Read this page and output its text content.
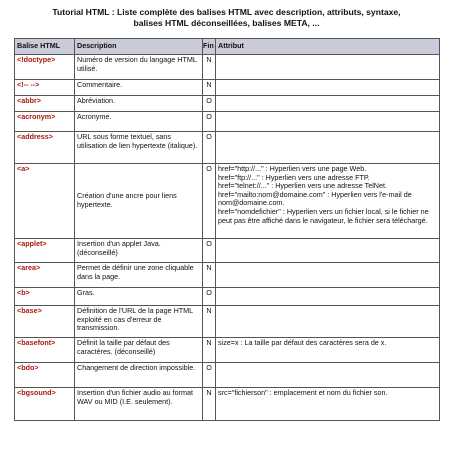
Tutorial HTML : Liste complète des balises HTML avec description, attributs, syntaxe,
balises HTML déconseillées, balises META, ...
Balise HTML	Description	Fin	Attribut
<!doctype>	Numéro de version du langage HTML utilisé.	N	
<!-- -->	Commentaire.	N	
<abbr>	Abréviation.	O	
<acronym>	Acronyme.	O	
<address>	URL sous forme textuel, sans utilisation de lien hypertexte (italique).	O	
<a>	Création d'une ancre pour liens hypertexte.	O	href="http://..." : Hyperlien vers une page Web.
href="ftp://..." : Hyperlien vers une adresse FTP.
href="telnet://..." : Hyperlien vers une adresse TelNet.
href="mailto:nom@domaine.com" : Hyperlien vers l'e-mail de nom@domaine.com.
href="nomdefichier" : Hyperlien vers un fichier local, si le fichier ne peut pas être affiché dans le navigateur, le fichier sera téléchargé.

<applet>	Insertion d'un applet Java. (déconseillé)	O	
<area>	Permet de définir une zone cliquable dans la page.	N	
<b>	Gras.	O	
<base>	Définition de l'URL de la page HTML exploité en cas d'erreur de transmission.	N	
<basefont>	Définit la taille par défaut des caractères. (déconseillé)	N	size=x : La taille par défaut des caractères sera de x.
<bdo>	Changement de direction impossible.	O	
<bgsound>	Insertion d'un fichier audio au format WAV ou MID (I.E. seulement).	N	src="fichierson" : emplacement et nom du fichier son.
